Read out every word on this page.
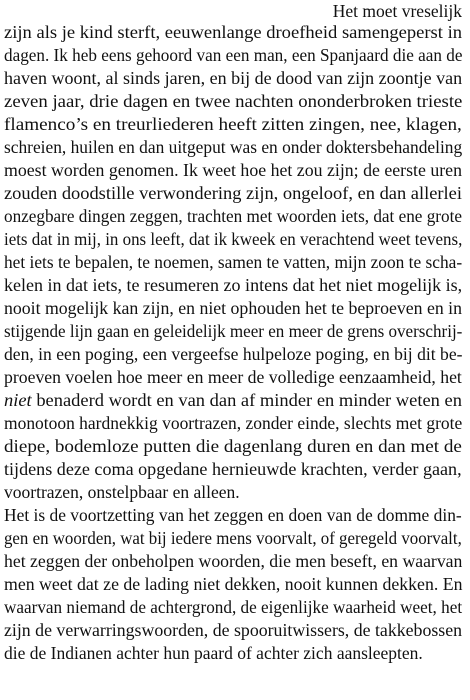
Het moet vreselijk
zijn als je kind sterft, eeuwenlange droefheid samengeperst in
dagen. Ik heb eens gehoord van een man, een Spanjaard die aan de
haven woont, al sinds jaren, en bij de dood van zijn zoontje van
zeven jaar, drie dagen en twee nachten ononderbroken trieste
flamenco’s en treurliederen heeft zitten zingen, nee, klagen,
schreien, huilen en dan uitgeput was en onder doktersbehandeling
moest worden genomen. Ik weet hoe het zou zijn; de eerste uren
zouden doodstille verwondering zijn, ongeloof, en dan allerlei
onzegbare dingen zeggen, trachten met woorden iets, dat ene grote
iets dat in mij, in ons leeft, dat ik kweek en verachtend weet tevens,
het iets te bepalen, te noemen, samen te vatten, mijn zoon te scha-
kelen in dat iets, te resumeren zo intens dat het niet mogelijk is,
nooit mogelijk kan zijn, en niet ophouden het te beproeven en in
stijgende lijn gaan en geleidelijk meer en meer de grens overschrij-
den, in een poging, een vergeefse hulpeloze poging, en bij dit be-
proeven voelen hoe meer en meer de volledige eenzaamheid, het
niet benaderd wordt en van dan af minder en minder weten en
monotoon hardnekkig voortrazen, zonder einde, slechts met grote
diepe, bodemloze putten die dagenlang duren en dan met de
tijdens deze coma opgedane hernieuwde krachten, verder gaan,
voortrazen, onstelpbaar en alleen.
Het is de voortzetting van het zeggen en doen van de domme din-
gen en woorden, wat bij iedere mens voorvalt, of geregeld voorvalt,
het zeggen der onbeholpen woorden, die men beseft, en waarvan
men weet dat ze de lading niet dekken, nooit kunnen dekken. En
waarvan niemand de achtergrond, de eigenlijke waarheid weet, het
zijn de verwarringswoorden, de spooruitwissers, de takkebossen
die de Indianen achter hun paard of achter zich aansleepten.
